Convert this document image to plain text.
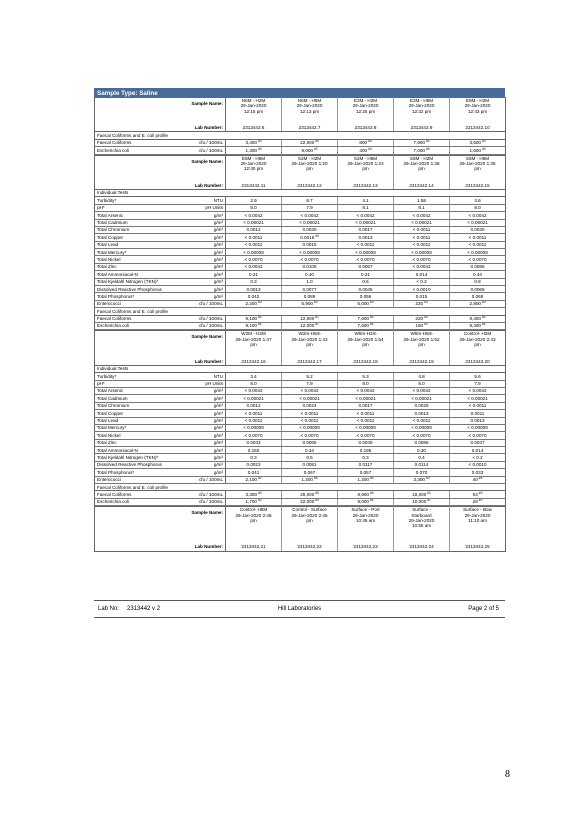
Sample Type: Saline
Sample Name:		N5M - H2M
29-Jan-2020
12:15 pm	N5M - H5M
29-Jan-2020
12:13 pm	E2M - H2M
29-Jan-2020
12:25 pm	E2M - H5M
29-Jan-2020
12:32 pm	E5M - H2M
29-Jan-2020
12:43 pm
Lab Number:		2313442.6	2313442.7	2313442.8	2313442.9	2313442.10
Faecal Coliforms and E. coli profile						
Faecal Coliforms	cfu / 100mL	3,400$^{\#0}$	22,000$^{\#0}$	800$^{\#4}$	7,900$^{\#4}$	3,500$^{\#0}$
Escherichia coli	cfu / 100mL	1,300$^{\#0}$	9,000$^{\#2}$	400$^{\#4}$	7,000$^{\#4}$	1,600$^{\#0}$
Sample Name:		E5M - H5M
29-Jan-2020
12:40 pm	S2M - H2M
29-Jan-2020 1:20
pm	S2M - H5M
29-Jan-2020 1:23
pm	S5M - H2M
29-Jan-2020 1:38
pm	S5M - H5M
29-Jan-2020 1:35
pm
Lab Number:		2313442.11	2313442.12	2313442.13	2313442.14	2313442.15
Individual Tests						
Turbidity*	NTU	2.9	8.7	4.1	1.58	3.6
pH*	pH Units	8.0	7.9	8.1	8.1	8.0
Total Arsenic	g/m³	< 0.0042	< 0.0042	< 0.0042	< 0.0042	< 0.0042
Total Cadmium	g/m³	< 0.00021	< 0.00021	< 0.00021	< 0.00021	< 0.00021
Total Chromium	g/m³	0.0012	0.0030	0.0017	< 0.0011	0.0030
Total Copper	g/m³	< 0.0011	0.0015$^{\#0}$	0.0013	< 0.0011	< 0.0011
Total Lead	g/m³	< 0.0011	0.0015	< 0.0011	< 0.0011	< 0.0011
Total Mercury*	g/m³	< 0.00008	< 0.00008	< 0.00008	< 0.00008	< 0.00008
Total Nickel	g/m³	< 0.0070	< 0.0070	< 0.0070	< 0.0070	< 0.0070
Total Zinc	g/m³	< 0.0042	0.0105	0.0067	< 0.0042	0.0085
Total Ammoniacal-N	g/m³	0.21	0.40	0.21	0.014	0.44
Total Kjeldahl Nitrogen (TKN)*	g/m³	0.3	1.0	0.6	< 0.2	0.8
Dissolved Reactive Phosphorus	g/m³	0.0013	0.0077	0.0045	< 0.0010	0.0069
Total Phosphorus*	g/m³	0.042	0.089	0.056	0.015	0.068
Enterococci	cfu / 100mL	2,200$^{\#0}$	5,900$^{\#3}$	5,000$^{\#3}$	220$^{\#3}$	2,800$^{\#0}$
Faecal Coliforms and E. coli profile						
Faecal Coliforms	cfu / 100mL	9,100$^{\#4}$	12,000$^{\#1}$	7,600$^{\#4}$	220$^{\#3}$	8,400$^{\#4}$
Escherichia coli	cfu / 100mL	9,100$^{\#4}$	12,000$^{\#1}$	7,600$^{\#4}$	150$^{\#3}$	8,400$^{\#4}$
Sample Name:		W2M - H2M
29-Jan-2020 1:47
pm	W2m-H5m
29-Jan-2020 1:43
pm	W5m-H2m
29-Jan-2020 1:54
pm	W5m-H5m
29-Jan-2020 1:52
pm	Control- H2M
29-Jan-2020 2:43
pm
Lab Number:		2313442.16	2313442.17	2313442.18	2313442.19	2313442.20
Individual Tests						
Turbidity*	NTU	3.4	5.2	5.3	4.8	5.6
pH*	pH Units	8.0	7.9	8.0	8.0	7.9
Total Arsenic	g/m³	< 0.0042	< 0.0042	< 0.0042	< 0.0042	< 0.0042
Total Cadmium	g/m³	< 0.00021	< 0.00021	< 0.00021	< 0.00021	< 0.00021
Total Chromium	g/m³	0.0012	0.0024	0.0017	0.0028	< 0.0011
Total Copper	g/m³	< 0.0011	< 0.0011	< 0.0011	0.0013	0.0011
Total Lead	g/m³	< 0.0011	< 0.0011	< 0.0011	< 0.0011	0.0013
Total Mercury*	g/m³	< 0.00008	< 0.00008	< 0.00008	< 0.00008	< 0.00008
Total Nickel	g/m³	< 0.0070	< 0.0070	< 0.0070	< 0.0070	< 0.0070
Total Zinc	g/m³	0.0043	0.0065	0.0049	0.0086	0.0047
Total Ammoniacal-N	g/m³	0.150	0.34	0.195	0.30	0.014
Total Kjeldahl Nitrogen (TKN)*	g/m³	0.3	0.5	0.3	0.4	< 0.2
Dissolved Reactive Phosphorus	g/m³	0.0023	0.0081	0.0117	0.0114	< 0.0010
Total Phosphorus*	g/m³	0.041	0.067	0.057	0.070	0.033
Enterococci	cfu / 100mL	2,100$^{\#0}$	1,200$^{\#4}$	1,200$^{\#4}$	3,300$^{\#0}$	40$^{\#4}$
Faecal Coliforms and E. coli profile						
Faecal Coliforms	cfu / 100mL	3,300$^{\#0}$	29,000$^{\#0}$	8,900$^{\#4}$	18,000$^{\#1}$	53$^{\#0}$
Escherichia coli	cfu / 100mL	1,700$^{\#0}$	22,000$^{\#0}$	8,000$^{\#4}$	10,000$^{\#1}$	28$^{\#0}$
Sample Name:	Control- H5M
29-Jan-2020 2:48
pm	Control - Surface
29-Jan-2020 2:45
pm	Surface - Port
29-Jan-2020
10:45 am	Surface -
Starboard
29-Jan-2020
10:55 am	Surface - Bow
29-Jan-2020
11:10 am
Lab Number:	2313442.21	2313442.22	2313442.23	2313442.24	2313442.25
Lab No: 2313442 v 2	Hill Laboratories	Page 2 of 5
8
